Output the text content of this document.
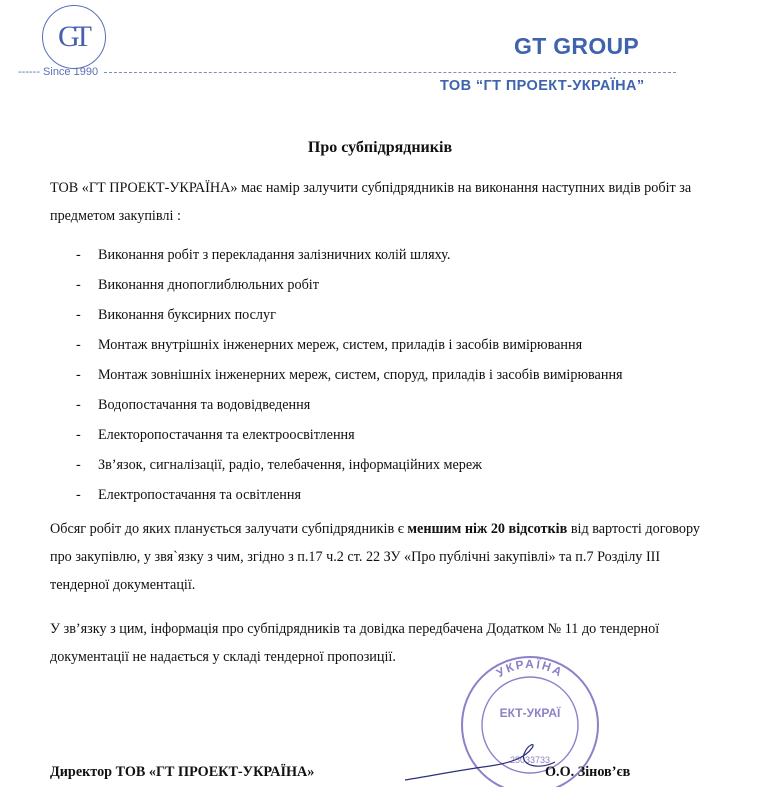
GT
------ Since 1990
GT GROUP
ТОВ “ГТ ПРОЕКТ-УКРАЇНА”
Про субпідрядників

ТОВ «ГТ ПРОЕКТ-УКРАЇНА» має намір залучити субпідрядників на виконання наступних видів робіт за предметом закупівлі :

- Виконання робіт з перекладання залізничних колій шляху.
- Виконання днопоглиблюльних робіт
- Виконання буксирних послуг
- Монтаж внутрішніх інженерних мереж, систем, приладів і засобів вимірювання
- Монтаж зовнішніх інженерних мереж, систем, споруд, приладів і засобів вимірювання
- Водопостачання та водовідведення
- Електоропостачання та електроосвітлення
- Зв’язок, сигналізації, радіо, телебачення, інформаційних мереж
- Електропостачання та освітлення

Обсяг робіт до яких планується залучати субпідрядників є меншим ніж 20 відсотків від вартості договору про закупівлю, у звя`язку з чим, згідно з п.17 ч.2 ст. 22 ЗУ «Про публічні закупівлі» та п.7 Розділу ІІІ тендерної документації.

У зв’язку з цим, інформація про субпідрядників та довідка передбачена Додатком № 11 до тендерної документації не надається у складі тендерної пропозиції.

УКРАЇНА
ЕКТ-УКРАЇ
25033733
Директор ТОВ «ГТ ПРОЕКТ-УКРАЇНА»	О.О. Зінов’єв
